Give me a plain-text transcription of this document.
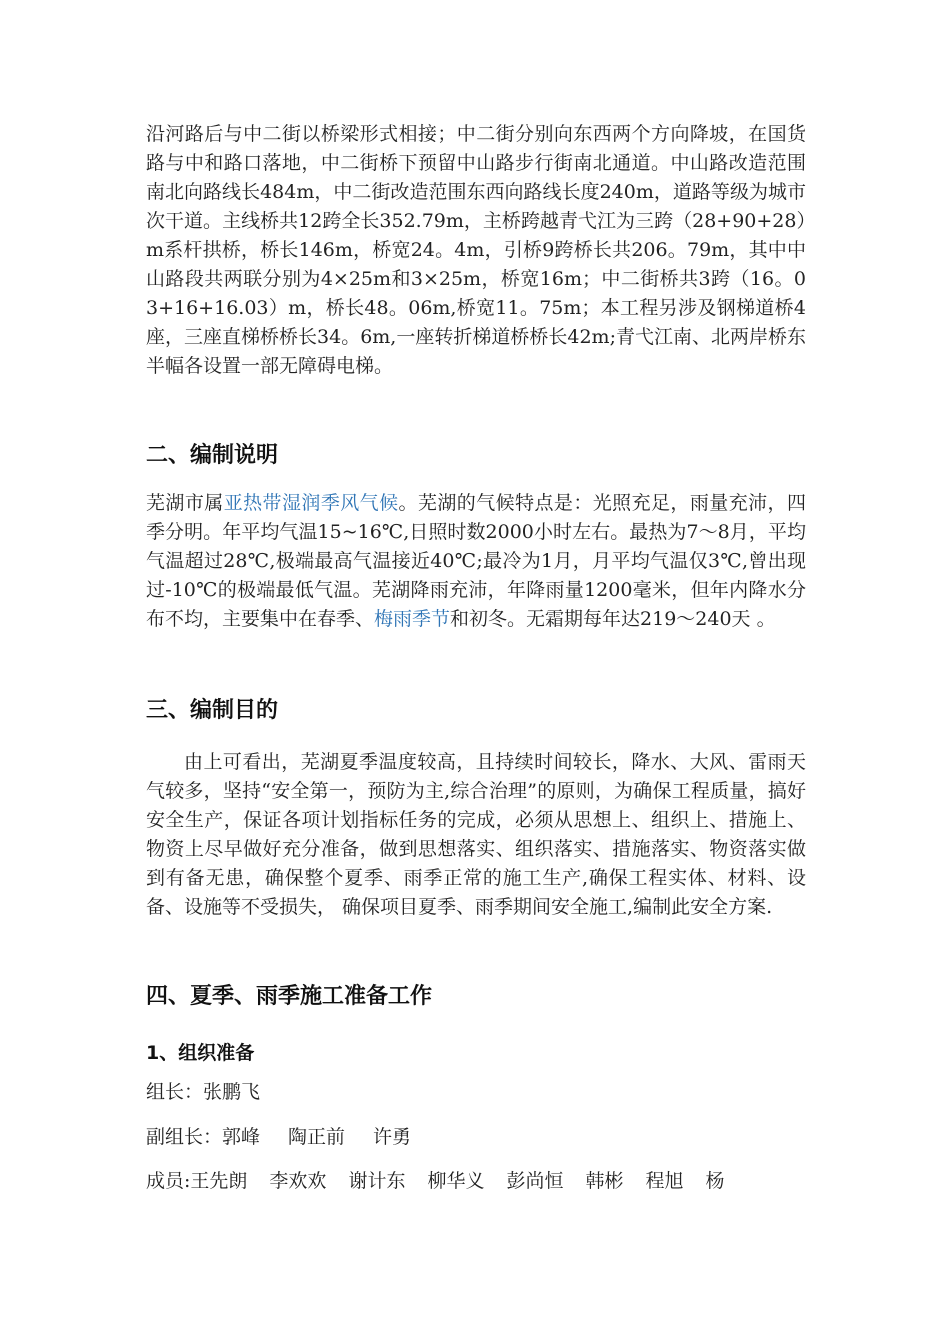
沿河路后与中二街以桥梁形式相接；中二街分别向东西两个方向降坡，在国货路与中和路口落地，中二街桥下预留中山路步行街南北通道。中山路改造范围南北向路线长484m，中二街改造范围东西向路线长度240m，道路等级为城市次干道。主线桥共12跨全长352.79m，主桥跨越青弋江为三跨（28+90+28）m系杆拱桥，桥长146m，桥宽24。4m，引桥9跨桥长共206。79m，其中中山路段共两联分别为4×25m和3×25m，桥宽16m；中二街桥共3跨（16。03+16+16.03）m，桥长48。06m,桥宽11。75m；本工程另涉及钢梯道桥4座，三座直梯桥桥长34。6m,一座转折梯道桥桥长42m;青弋江南、北两岸桥东半幅各设置一部无障碍电梯。

二、编制说明

芜湖市属亚热带湿润季风气候。芜湖的气候特点是：光照充足，雨量充沛，四季分明。年平均气温15~16℃,日照时数2000小时左右。最热为7～8月，平均气温超过28℃,极端最高气温接近40℃;最冷为1月，月平均气温仅3℃,曾出现过-10℃的极端最低气温。芜湖降雨充沛，年降雨量1200毫米，但年内降水分布不均，主要集中在春季、梅雨季节和初冬。无霜期每年达219～240天 。

三、编制目的

由上可看出，芜湖夏季温度较高，且持续时间较长，降水、大风、雷雨天气较多，坚持“安全第一，预防为主,综合治理”的原则，为确保工程质量，搞好安全生产，保证各项计划指标任务的完成，必须从思想上、组织上、措施上、物资上尽早做好充分准备，做到思想落实、组织落实、措施落实、物资落实做到有备无患，确保整个夏季、雨季正常的施工生产,确保工程实体、材料、设备、设施等不受损失， 确保项目夏季、雨季期间安全施工,编制此安全方案.

四、夏季、雨季施工准备工作
1、组织准备

组长：张鹏飞

副组长：郭峰 陶正前 许勇

成员:王先朗 李欢欢 谢计东 柳华义 彭尚恒 韩彬 程旭 杨
